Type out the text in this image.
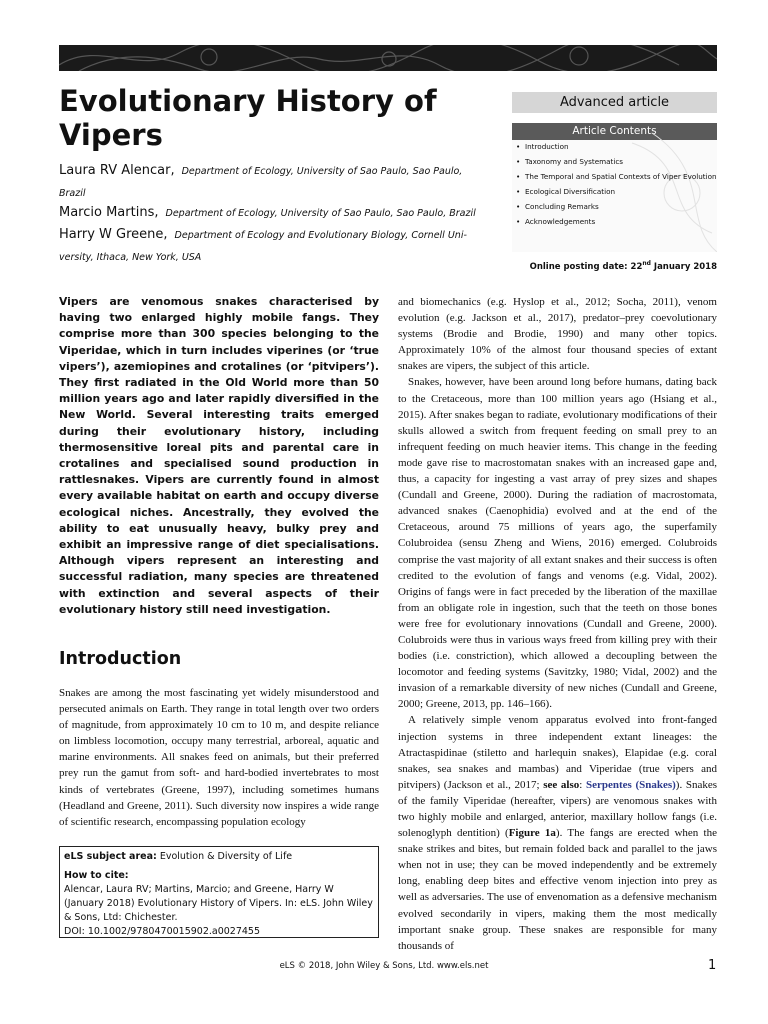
Evolutionary History of
Vipers
Laura RV Alencar, Department of Ecology, University of Sao Paulo, Sao Paulo,
Brazil
Marcio Martins, Department of Ecology, University of Sao Paulo, Sao Paulo, Brazil
Harry W Greene, Department of Ecology and Evolutionary Biology, Cornell Uni-
versity, Ithaca, New York, USA
Advanced article
Article Contents
• Introduction
• Taxonomy and Systematics
• The Temporal and Spatial Contexts of Viper Evolution
• Ecological Diversification
• Concluding Remarks
• Acknowledgements
Online posting date: 22nd January 2018

Vipers are venomous snakes characterised by having two enlarged highly mobile fangs. They comprise more than 300 species belonging to the Viperidae, which in turn includes viperines (or ‘true vipers’), azemiopines and crotalines (or ‘pitvipers’). They first radiated in the Old World more than 50 million years ago and later rapidly diversified in the New World. Several interesting traits emerged during their evolutionary history, including thermosensitive loreal pits and parental care in crotalines and specialised sound production in rattlesnakes. Vipers are currently found in almost every available habitat on earth and occupy diverse ecological niches. Ancestrally, they evolved the ability to eat unusually heavy, bulky prey and exhibit an impressive range of diet specialisations. Although vipers represent an interesting and successful radiation, many species are threatened with extinction and several aspects of their evolutionary history still need investigation.

Introduction

Snakes are among the most fascinating yet widely misunderstood and persecuted animals on Earth. They range in total length over two orders of magnitude, from approximately 10 cm to 10 m, and despite reliance on limbless locomotion, occupy many terrestrial, arboreal, aquatic and marine environments. All snakes feed on animals, but their preferred prey run the gamut from soft- and hard-bodied invertebrates to most kinds of vertebrates (Greene, 1997), including sometimes humans (Headland and Greene, 2011). Such diversity now inspires a wide range of scientific research, encompassing population ecology

eLS subject area: Evolution & Diversity of Life
How to cite:
Alencar, Laura RV; Martins, Marcio; and Greene, Harry W (January 2018) Evolutionary History of Vipers. In: eLS. John Wiley & Sons, Ltd: Chichester.
DOI: 10.1002/9780470015902.a0027455

and biomechanics (e.g. Hyslop et al., 2012; Socha, 2011), venom evolution (e.g. Jackson et al., 2017), predator–prey coevolutionary systems (Brodie and Brodie, 1990) and many other topics. Approximately 10% of the almost four thousand species of extant snakes are vipers, the subject of this article.

Snakes, however, have been around long before humans, dating back to the Cretaceous, more than 100 million years ago (Hsiang et al., 2015). After snakes began to radiate, evolutionary modifications of their skulls allowed a switch from frequent feeding on small prey to an infrequent feeding on much heavier items. This change in the feeding mode gave rise to macrostomatan snakes with an increased gape and, thus, a capacity for ingesting a vast array of prey sizes and shapes (Cundall and Greene, 2000). During the radiation of macrostomata, advanced snakes (Caenophidia) evolved and at the end of the Cretaceous, around 75 millions of years ago, the superfamily Colubroidea (sensu Zheng and Wiens, 2016) emerged. Colubroids comprise the vast majority of all extant snakes and their success is often credited to the evolution of fangs and venoms (e.g. Vidal, 2002). Origins of fangs were in fact preceded by the liberation of the maxillae from an obligate role in ingestion, such that the teeth on those bones were free for evolutionary innovations (Cundall and Greene, 2000). Colubroids were thus in various ways freed from killing prey with their bodies (i.e. constriction), which allowed a decoupling between the locomotor and feeding systems (Savitzky, 1980; Vidal, 2002) and the invasion of a remarkable diversity of new niches (Cundall and Greene, 2000; Greene, 2013, pp. 146–166).

A relatively simple venom apparatus evolved into front-fanged injection systems in three independent extant lineages: the Atractaspidinae (stiletto and harlequin snakes), Elapidae (e.g. coral snakes, sea snakes and mambas) and Viperidae (true vipers and pitvipers) (Jackson et al., 2017; see also: Serpentes (Snakes)). Snakes of the family Viperidae (hereafter, vipers) are venomous snakes with two highly mobile and enlarged, anterior, maxillary hollow fangs (i.e. solenoglyph dentition) (Figure 1a). The fangs are erected when the snake strikes and bites, but remain folded back and parallel to the jaws when not in use; they can be moved independently and be extremely long, enabling deep bites and effective venom injection into prey as well as adversaries. The use of envenomation as a defensive mechanism evolved secondarily in vipers, making them the most medically important snake group. These snakes are responsible for many thousands of

eLS © 2018, John Wiley & Sons, Ltd. www.els.net	1
